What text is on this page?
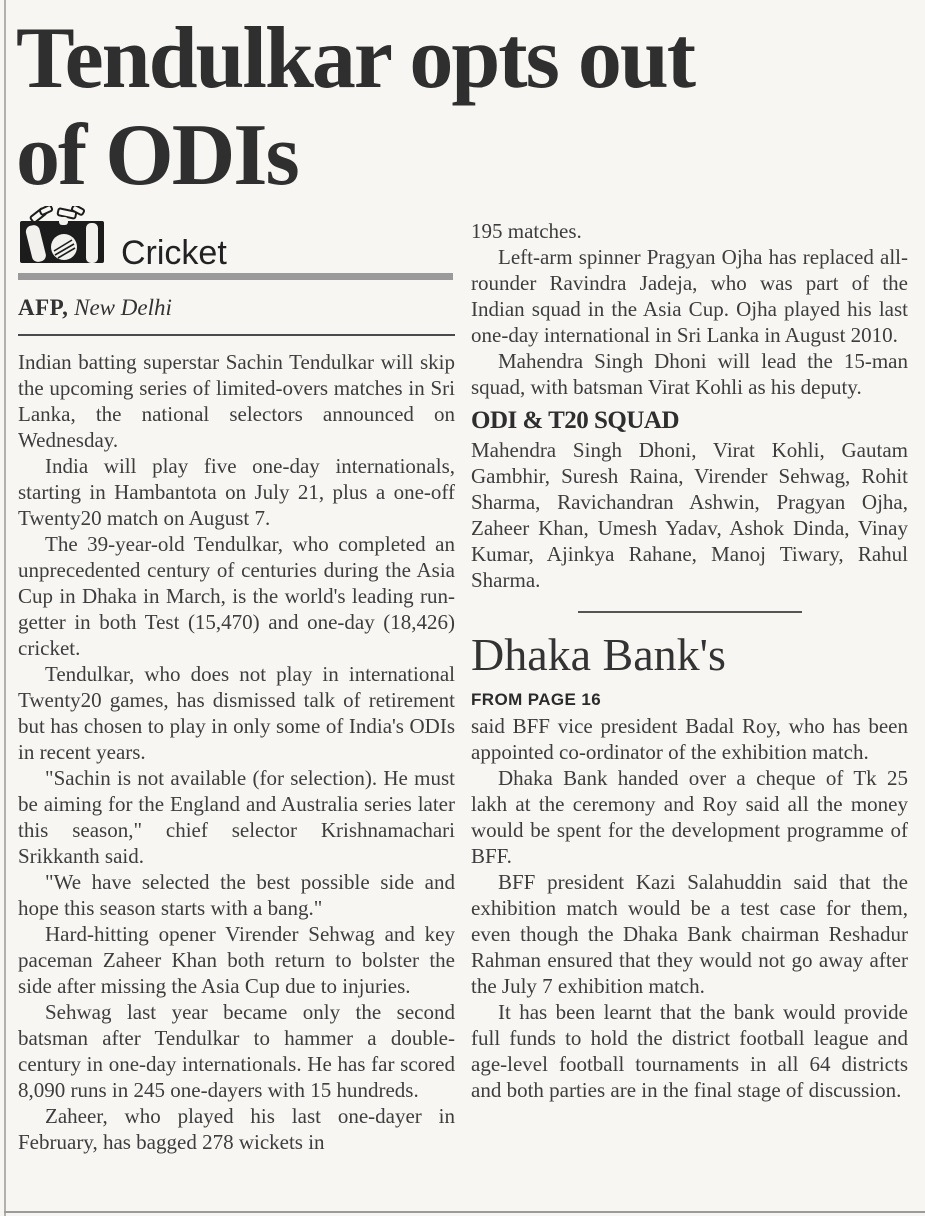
Tendulkar opts out of ODIs
Cricket
AFP, New Delhi

Indian batting superstar Sachin Tendulkar will skip the upcoming series of limited-overs matches in Sri Lanka, the national selectors announced on Wednesday.

India will play five one-day internationals, starting in Hambantota on July 21, plus a one-off Twenty20 match on August 7.

The 39-year-old Tendulkar, who completed an unprecedented century of centuries during the Asia Cup in Dhaka in March, is the world's leading run-getter in both Test (15,470) and one-day (18,426) cricket.

Tendulkar, who does not play in international Twenty20 games, has dismissed talk of retirement but has chosen to play in only some of India's ODIs in recent years.

"Sachin is not available (for selection). He must be aiming for the England and Australia series later this season," chief selector Krishnamachari Srikkanth said.

"We have selected the best possible side and hope this season starts with a bang."

Hard-hitting opener Virender Sehwag and key paceman Zaheer Khan both return to bolster the side after missing the Asia Cup due to injuries.

Sehwag last year became only the second batsman after Tendulkar to hammer a double-century in one-day internationals. He has far scored 8,090 runs in 245 one-dayers with 15 hundreds.

Zaheer, who played his last one-dayer in February, has bagged 278 wickets in

195 matches.

Left-arm spinner Pragyan Ojha has replaced all-rounder Ravindra Jadeja, who was part of the Indian squad in the Asia Cup. Ojha played his last one-day international in Sri Lanka in August 2010.

Mahendra Singh Dhoni will lead the 15-man squad, with batsman Virat Kohli as his deputy.

ODI & T20 SQUAD

Mahendra Singh Dhoni, Virat Kohli, Gautam Gambhir, Suresh Raina, Virender Sehwag, Rohit Sharma, Ravichandran Ashwin, Pragyan Ojha, Zaheer Khan, Umesh Yadav, Ashok Dinda, Vinay Kumar, Ajinkya Rahane, Manoj Tiwary, Rahul Sharma.

Dhaka Bank's
FROM PAGE 16

said BFF vice president Badal Roy, who has been appointed co-ordinator of the exhibition match.

Dhaka Bank handed over a cheque of Tk 25 lakh at the ceremony and Roy said all the money would be spent for the development programme of BFF.

BFF president Kazi Salahuddin said that the exhibition match would be a test case for them, even though the Dhaka Bank chairman Reshadur Rahman ensured that they would not go away after the July 7 exhibition match.

It has been learnt that the bank would provide full funds to hold the district football league and age-level football tournaments in all 64 districts and both parties are in the final stage of discussion.
